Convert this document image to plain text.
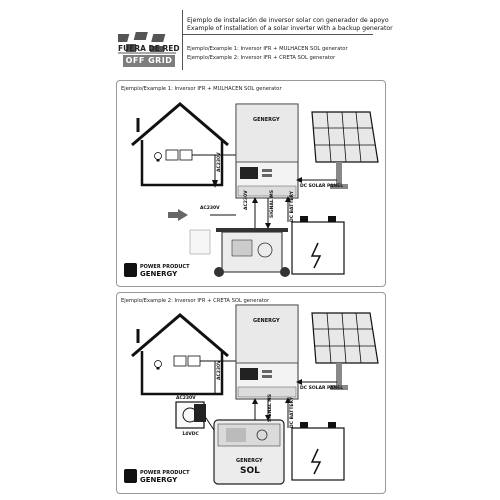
FUERA DE RED
OFF GRID
Ejemplo de instalación de inversor solar con generador de apoyo
Example of installation of a solar inverter with a backup generator
Ejemplo/Example 1: Inversor IFR + MULHACEN SOL generator
Ejemplo/Example 2: Inversor IFR + CRETA SOL generator
Ejemplo/Example 1: Inversor IFR + MULHACEN SOL generator
AC230V
AC230V	AC230V	SIGNAL MS	DC BATTERY
DC SOLAR PANEL
GENERGY
POWER PRODUCT
GENERGY
Ejemplo/Example 2: Inversor IFR + CRETA SOL generator
AC230V
14VDC
AC230V
SIGNAL MS	DC BATTERY
DC SOLAR PANEL
GENERGY
GENERGY
SOL
POWER PRODUCT
GENERGY
